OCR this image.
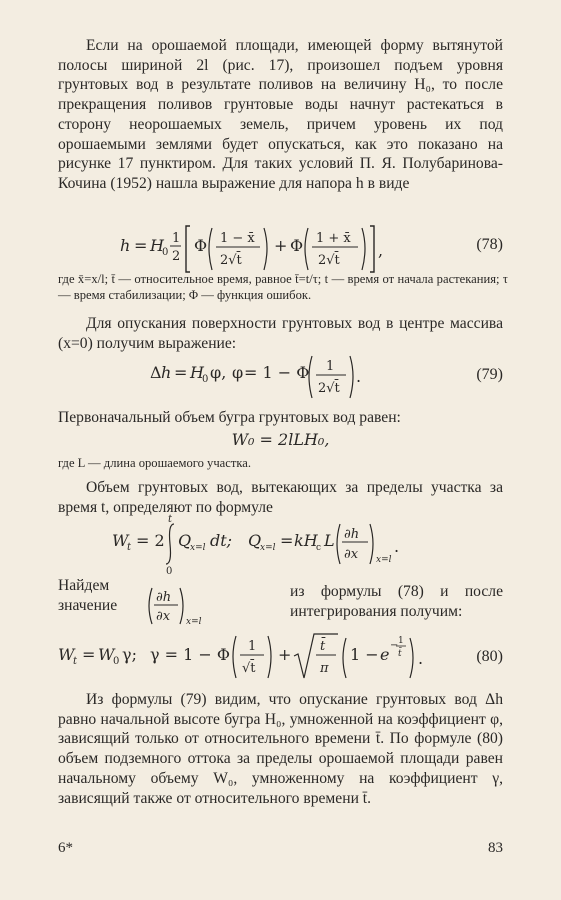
Если на орошаемой площади, имеющей форму вытянутой полосы шириной 2l (рис. 17), произошел подъем уровня грунтовых вод в результате поливов на величину H₀, то после прекращения поливов грунтовые воды начнут растекаться в сторону неорошаемых земель, причем уровень их под орошаемыми землями будет опускаться, как это показано на рисунке 17 пунктиром. Для таких условий П. Я. Полубаринова-Кочина (1952) нашла выражение для напора h в виде

h = H
0
1
2
Φ 1 − x̄
2√t̄
+ Φ 1 + x̄
2√t̄
,	(78)

где x̄=x/l; t̄ — относительное время, равное t̄=t/τ; t — время от начала растекания; τ — время стабилизации; Φ — функция ошибок.

Для опускания поверхности грунтовых вод в центре массива (x=0) получим выражение:

Δ h = H
0 φ, φ = 1 − Φ 1
2√t̄
.	(79)

Первоначальный объем бугра грунтовых вод равен:

W₀ = 2lLH₀,

где L — длина орошаемого участка.

Объем грунтовых вод, вытекающих за пределы участка за время t, определяют по формуле

W
t = 2
t
0
Q
x=l dt; Q
x=l = kH
c L ∂h
∂x x=l
.

Найдем значение	∂h
∂x x=l

из формулы (78) и после интегрирования получим:

W
t = W
0 γ; γ = 1 − Φ 1
√t̄
+ t̄
π
1 − e − 1
t̄ .	(80)

Из формулы (79) видим, что опускание грунтовых вод Δh равно начальной высоте бугра H₀, умноженной на коэффициент φ, зависящий только от относительного времени t̄. По формуле (80) объем подземного оттока за пределы орошаемой площади равен начальному объему W₀, умноженному на коэффициент γ, зависящий также от относительного времени t̄.

6*	83
